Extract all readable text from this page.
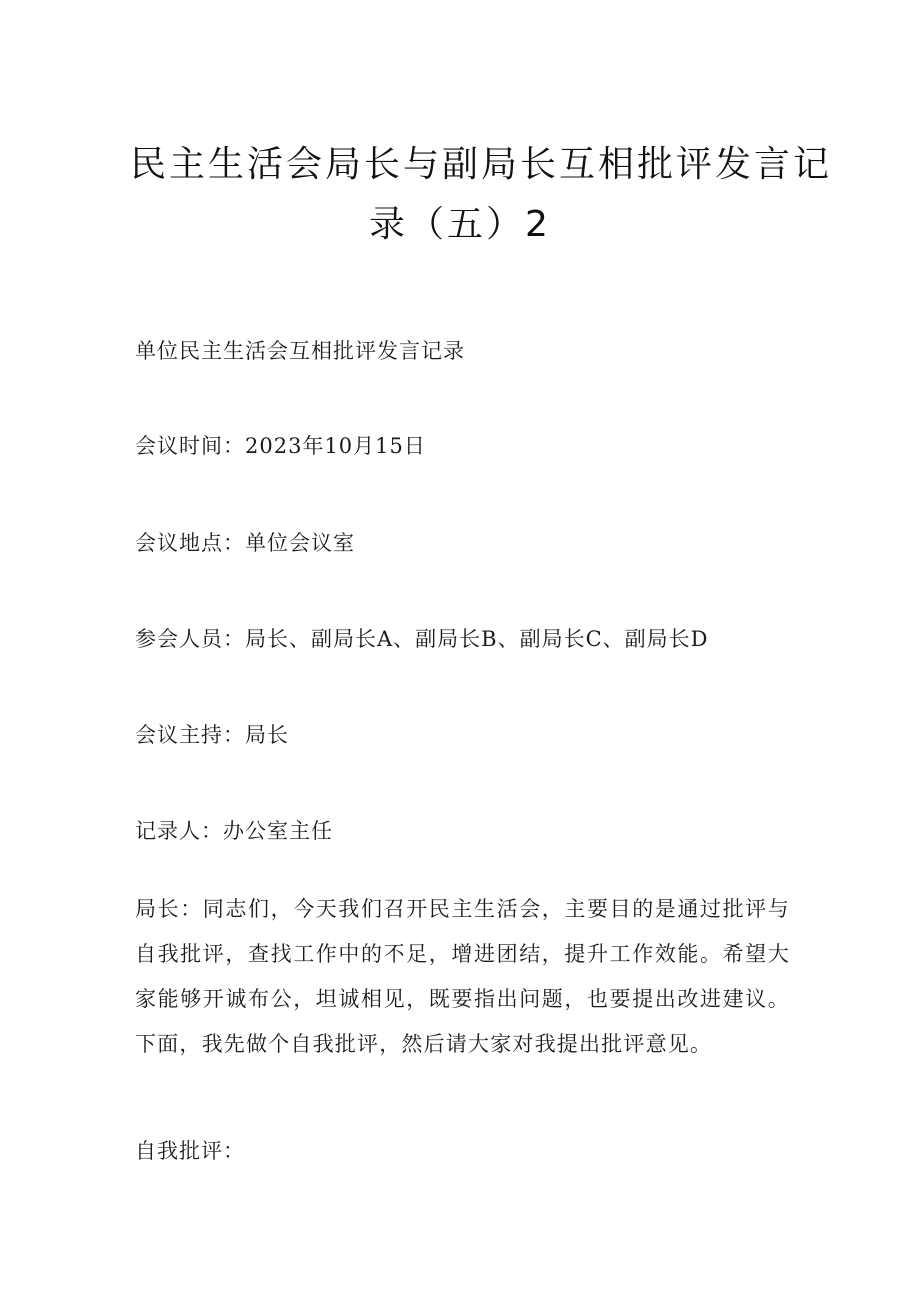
民主生活会局长与副局长互相批评发言记
录（五）2
单位民主生活会互相批评发言记录
会议时间：2023年10月15日
会议地点：单位会议室
参会人员：局长、副局长A、副局长B、副局长C、副局长D
会议主持：局长
记录人：办公室主任

局长：同志们，今天我们召开民主生活会，主要目的是通过批评与自我批评，查找工作中的不足，增进团结，提升工作效能。希望大家能够开诚布公，坦诚相见，既要指出问题，也要提出改进建议。下面，我先做个自我批评，然后请大家对我提出批评意见。

自我批评：
